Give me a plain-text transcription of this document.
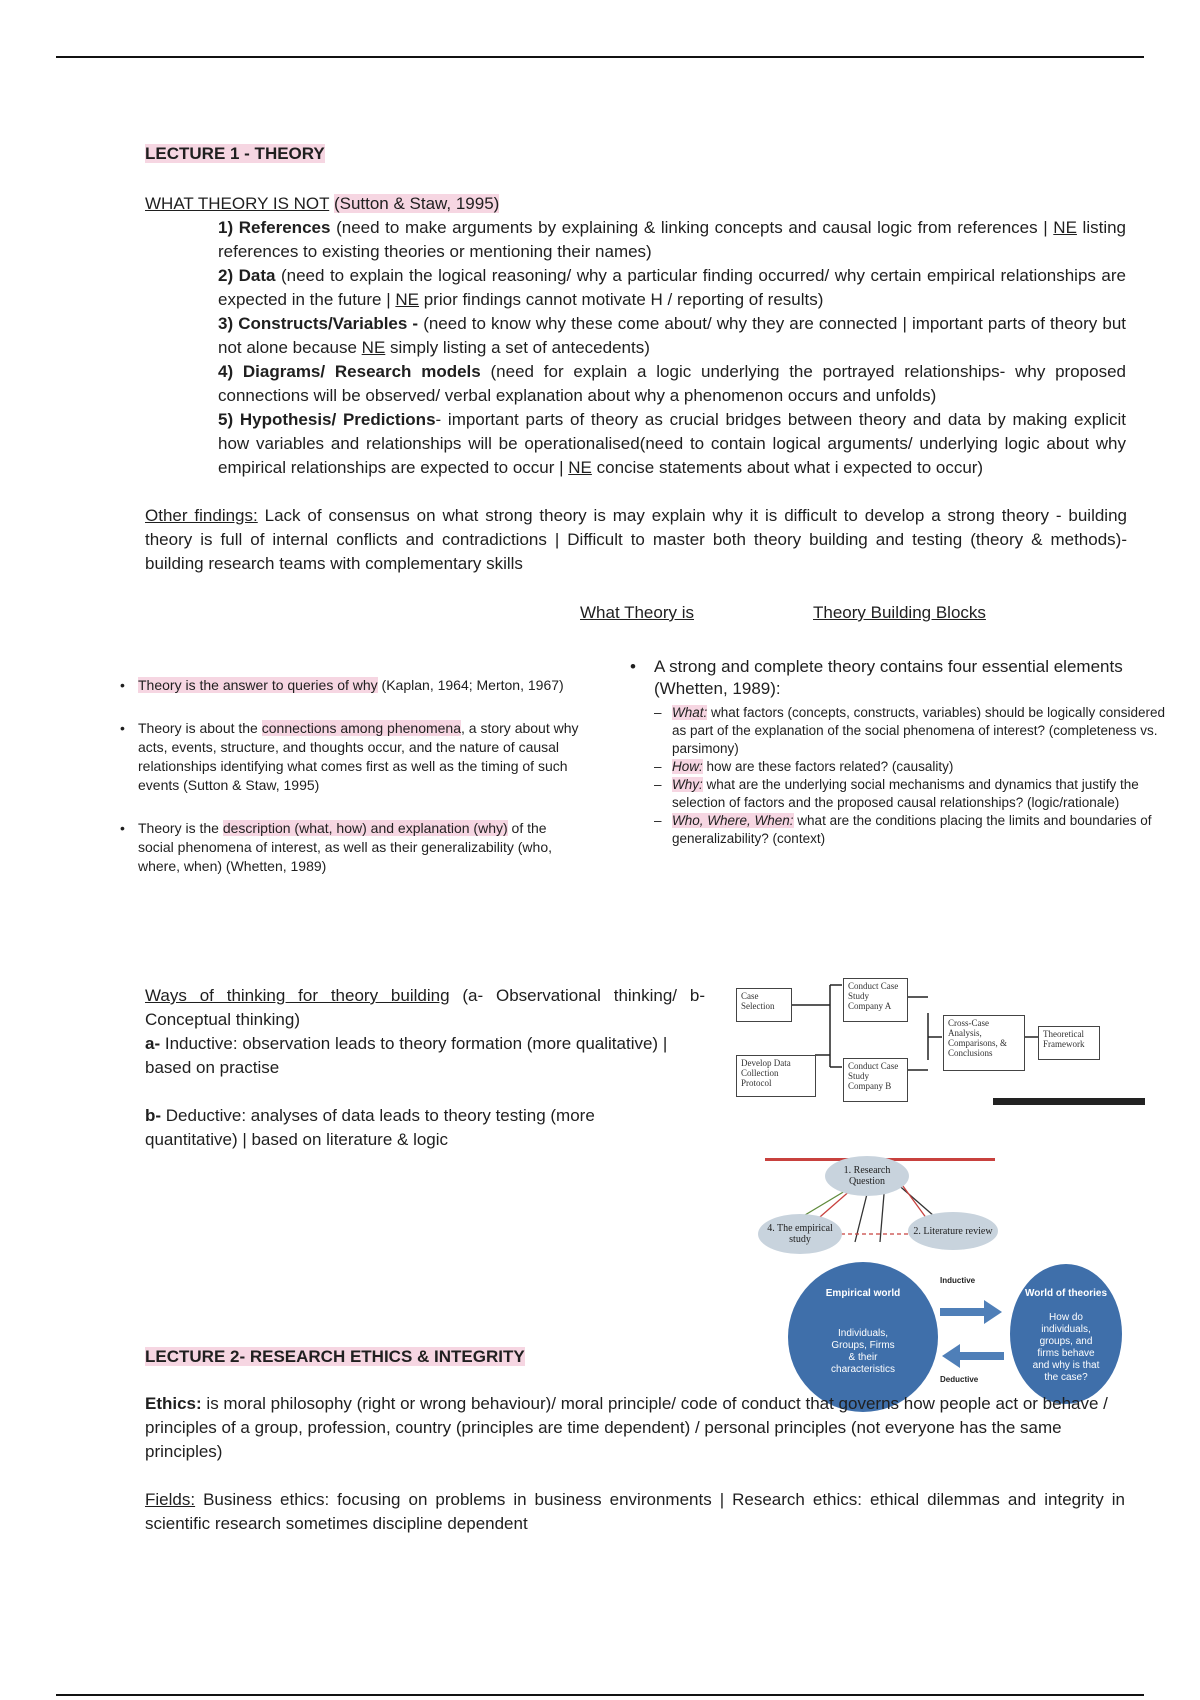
LECTURE 1 - THEORY
WHAT THEORY IS NOT (Sutton & Staw, 1995)

1) References (need to make arguments by explaining & linking concepts and causal logic from references | NE listing references to existing theories or mentioning their names)

2) Data (need to explain the logical reasoning/ why a particular finding occurred/ why certain empirical relationships are expected in the future | NE prior findings cannot motivate H / reporting of results)

3) Constructs/Variables - (need to know why these come about/ why they are connected | important parts of theory but not alone because NE simply listing a set of antecedents)

4) Diagrams/ Research models (need for explain a logic underlying the portrayed relationships- why proposed connections will be observed/ verbal explanation about why a phenomenon occurs and unfolds)

5) Hypothesis/ Predictions- important parts of theory as crucial bridges between theory and data by making explicit how variables and relationships will be operationalised(need to contain logical arguments/ underlying logic about why empirical relationships are expected to occur | NE concise statements about what i expected to occur)

Other findings: Lack of consensus on what strong theory is may explain why it is difficult to develop a strong theory - building theory is full of internal conflicts and contradictions | Difficult to master both theory building and testing (theory & methods)- building research teams with complementary skills
What Theory is	Theory Building Blocks
• Theory is the answer to queries of why (Kaplan, 1964; Merton, 1967)
• Theory is about the connections among phenomena, a story about why acts, events, structure, and thoughts occur, and the nature of causal relationships identifying what comes first as well as the timing of such events (Sutton & Staw, 1995)
• Theory is the description (what, how) and explanation (why) of the social phenomena of interest, as well as their generalizability (who, where, when) (Whetten, 1989)
• A strong and complete theory contains four essential elements (Whetten, 1989):
– What: what factors (concepts, constructs, variables) should be logically considered as part of the explanation of the social phenomena of interest? (completeness vs. parsimony)
– How: how are these factors related? (causality)
– Why: what are the underlying social mechanisms and dynamics that justify the selection of factors and the proposed causal relationships? (logic/rationale)
– Who, Where, When: what are the conditions placing the limits and boundaries of generalizability? (context)
Ways of thinking for theory building (a- Observational thinking/ b- Conceptual thinking)
a- Inductive: observation leads to theory formation (more qualitative) | based on practise
b- Deductive: analyses of data leads to theory testing (more quantitative) | based on literature & logic
Case Selection
Develop Data Collection Protocol
Conduct Case Study Company A
Conduct Case Study Company B
Cross-Case Analysis, Comparisons, & Conclusions
Theoretical Framework
1. Research Question
4. The empirical study
2. Literature review
Empirical world
Individuals, Groups, Firms & their characteristics
World of theories
How do individuals, groups, and firms behave and why is that the case?
Inductive
Deductive
LECTURE 2- RESEARCH ETHICS & INTEGRITY
Ethics: is moral philosophy (right or wrong behaviour)/ moral principle/ code of conduct that governs how people act or behave / principles of a group, profession, country (principles are time dependent) / personal principles (not everyone has the same principles)
Fields: Business ethics: focusing on problems in business environments | Research ethics: ethical dilemmas and integrity in scientific research sometimes discipline dependent
